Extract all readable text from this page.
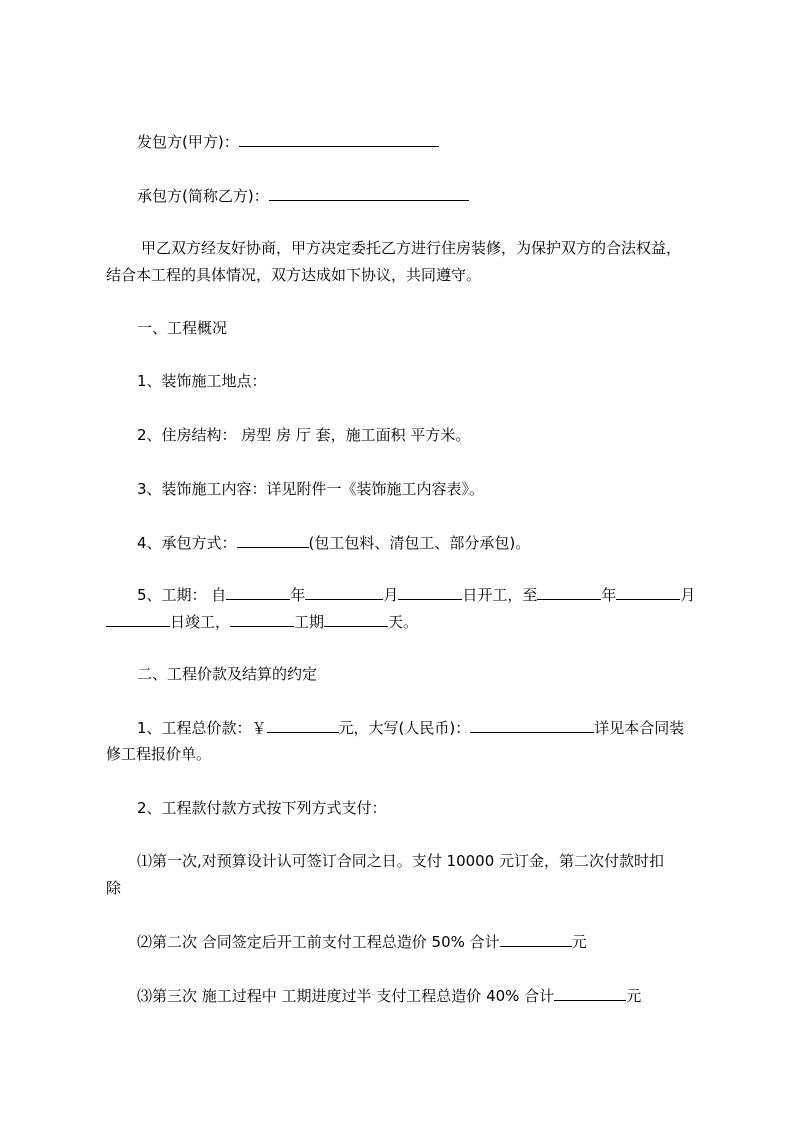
发包方(甲方)：

承包方(简称乙方)：

甲乙双方经友好协商，甲方决定委托乙方进行住房装修，为保护双方的合法权益，

结合本工程的具体情况，双方达成如下协议，共同遵守。

一、工程概况

1、装饰施工地点：

2、住房结构： 房型 房 厅 套，施工面积 平方米。

3、装饰施工内容：详见附件一《装饰施工内容表》。

4、承包方式：	(包工包料、清包工、部分承包)。

5、工期： 自	年	月	日开工，至	年	月

日竣工，	工期	天。

二、工程价款及结算的约定

1、工程总价款：￥	元，大写(人民币)：	详见本合同装

修工程报价单。

2、工程款付款方式按下列方式支付：

⑴第一次,对预算设计认可签订合同之日。支付 10000 元订金，第二次付款时扣

除

⑵第二次 合同签定后开工前支付工程总造价 50% 合计	元

⑶第三次 施工过程中 工期进度过半 支付工程总造价 40% 合计	元
